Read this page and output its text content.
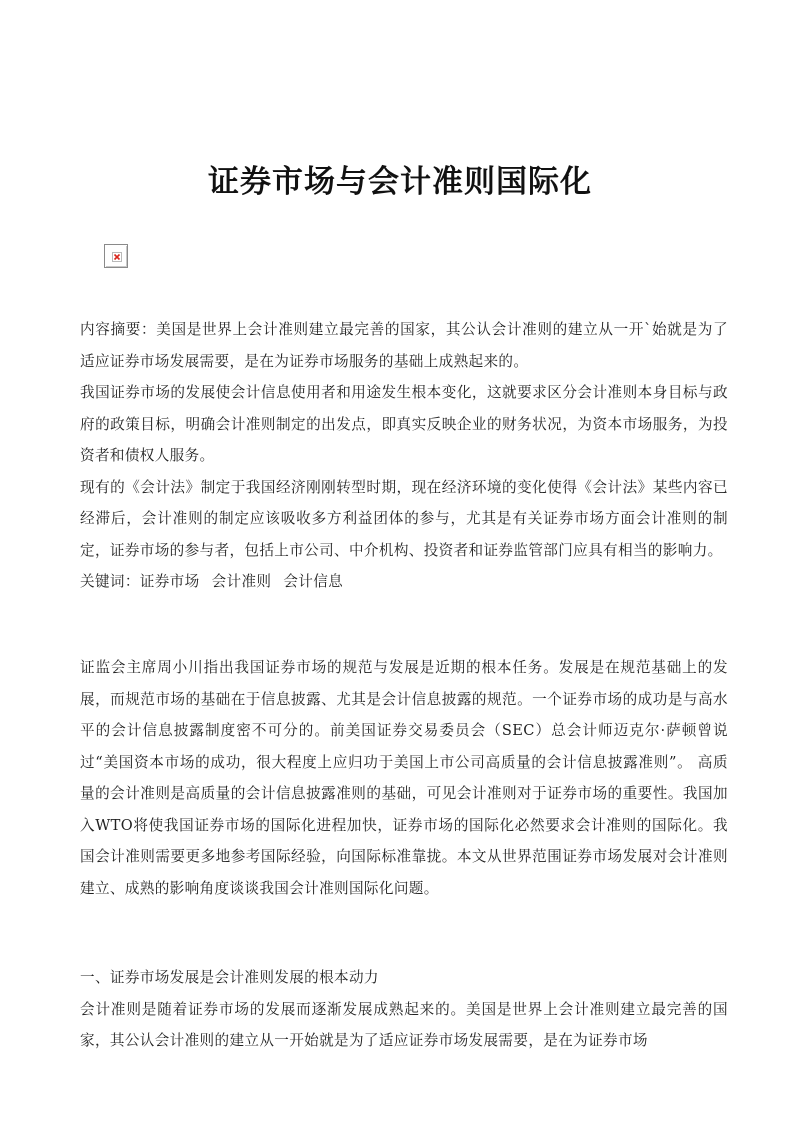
证券市场与会计准则国际化

内容摘要：美国是世界上会计准则建立最完善的国家，其公认会计准则的建立从一开`始就是为了适应证券市场发展需要，是在为证券市场服务的基础上成熟起来的。

我国证券市场的发展使会计信息使用者和用途发生根本变化，这就要求区分会计准则本身目标与政府的政策目标，明确会计准则制定的出发点，即真实反映企业的财务状况，为资本市场服务，为投资者和债权人服务。

现有的《会计法》制定于我国经济刚刚转型时期，现在经济环境的变化使得《会计法》某些内容已经滞后，会计准则的制定应该吸收多方利益团体的参与，尤其是有关证券市场方面会计准则的制定，证券市场的参与者，包括上市公司、中介机构、投资者和证券监管部门应具有相当的影响力。

关键词：证券市场 会计准则 会计信息

证监会主席周小川指出我国证券市场的规范与发展是近期的根本任务。发展是在规范基础上的发展，而规范市场的基础在于信息披露、尤其是会计信息披露的规范。一个证券市场的成功是与高水平的会计信息披露制度密不可分的。前美国证券交易委员会（SEC）总会计师迈克尔·萨顿曾说过“美国资本市场的成功，很大程度上应归功于美国上市公司高质量的会计信息披露准则”。 高质量的会计准则是高质量的会计信息披露准则的基础，可见会计准则对于证券市场的重要性。我国加入WTO将使我国证券市场的国际化进程加快，证券市场的国际化必然要求会计准则的国际化。我国会计准则需要更多地参考国际经验，向国际标准靠拢。本文从世界范围证券市场发展对会计准则建立、成熟的影响角度谈谈我国会计准则国际化问题。

一、证券市场发展是会计准则发展的根本动力

会计准则是随着证券市场的发展而逐渐发展成熟起来的。美国是世界上会计准则建立最完善的国家，其公认会计准则的建立从一开始就是为了适应证券市场发展需要，是在为证券市场
